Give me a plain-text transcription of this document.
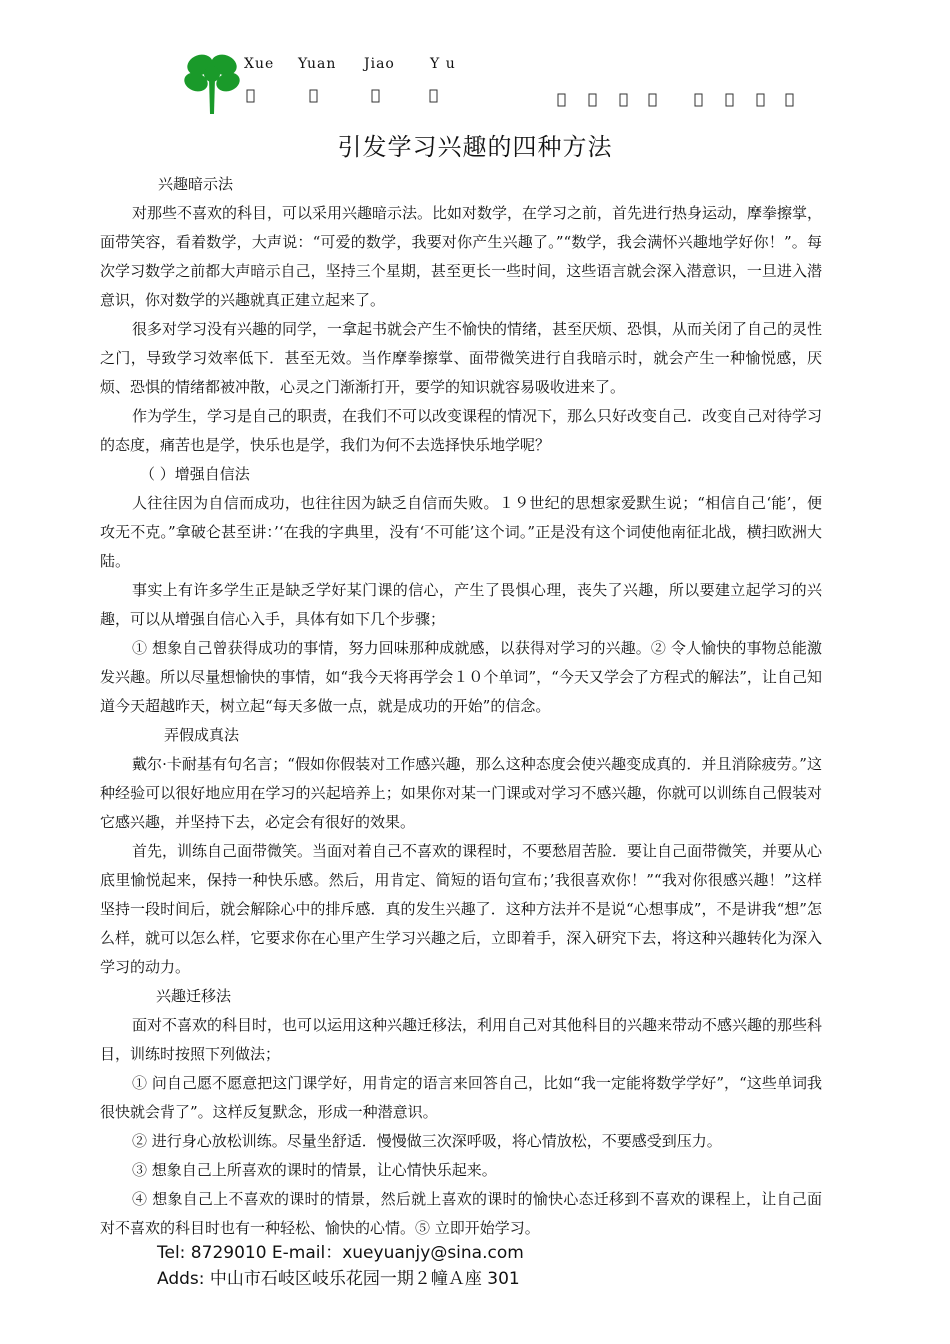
Xue Yuan Jiao	Y u
引发学习兴趣的四种方法

兴趣暗示法

对那些不喜欢的科目，可以采用兴趣暗示法。比如对数学，在学习之前，首先进行热身运动，摩拳擦掌，面带笑容，看着数学，大声说：“可爱的数学，我要对你产生兴趣了。”“数学，我会满怀兴趣地学好你！”。每次学习数学之前都大声暗示自己，坚持三个星期，甚至更长一些时间，这些语言就会深入潜意识，一旦进入潜意识，你对数学的兴趣就真正建立起来了。

很多对学习没有兴趣的同学，一拿起书就会产生不愉快的情绪，甚至厌烦、恐惧，从而关闭了自己的灵性之门，导致学习效率低下．甚至无效。当作摩拳擦掌、面带微笑进行自我暗示时，就会产生一种愉悦感，厌烦、恐惧的情绪都被冲散，心灵之门渐渐打开，要学的知识就容易吸收进来了。

作为学生，学习是自己的职责，在我们不可以改变课程的情况下，那么只好改变自己．改变自己对待学习的态度，痛苦也是学，快乐也是学，我们为何不去选择快乐地学呢？

（ ）增强自信法

人往往因为自信而成功，也往往因为缺乏自信而失败。１９世纪的思想家爱默生说；“相信自己‘能’，便攻无不克。”拿破仑甚至讲：’‘在我的字典里，没有‘不可能’这个词。”正是没有这个词使他南征北战，横扫欧洲大陆。

事实上有许多学生正是缺乏学好某门课的信心，产生了畏惧心理，丧失了兴趣，所以要建立起学习的兴趣，可以从增强自信心入手，具体有如下几个步骤；

① 想象自己曾获得成功的事情，努力回味那种成就感，以获得对学习的兴趣。② 令人愉快的事物总能激发兴趣。所以尽量想愉快的事情，如“我今天将再学会１０个单词”，“今天又学会了方程式的解法”，让自己知道今天超越昨天，树立起“每天多做一点，就是成功的开始”的信念。

弄假成真法

戴尔·卡耐基有句名言；“假如你假装对工作感兴趣，那么这种态度会使兴趣变成真的．并且消除疲劳。”这种经验可以很好地应用在学习的兴起培养上；如果你对某一门课或对学习不感兴趣，你就可以训练自己假装对它感兴趣，并坚持下去，必定会有很好的效果。

首先，训练自己面带微笑。当面对着自己不喜欢的课程时，不要愁眉苦脸．要让自己面带微笑，并要从心底里愉悦起来，保持一种快乐感。然后，用肯定、简短的语句宣布；’我很喜欢你！”“我对你很感兴趣！”这样坚持一段时间后，就会解除心中的排斥感．真的发生兴趣了．这种方法并不是说“心想事成”，不是讲我“想”怎么样，就可以怎么样，它要求你在心里产生学习兴趣之后，立即着手，深入研究下去，将这种兴趣转化为深入学习的动力。

兴趣迁移法

面对不喜欢的科目时，也可以运用这种兴趣迁移法，利用自己对其他科目的兴趣来带动不感兴趣的那些科目，训练时按照下列做法；

① 问自己愿不愿意把这门课学好，用肯定的语言来回答自己，比如“我一定能将数学学好”，“这些单词我很快就会背了”。这样反复默念，形成一种潜意识。

② 进行身心放松训练。尽量坐舒适．慢慢做三次深呼吸，将心情放松，不要感受到压力。

③ 想象自己上所喜欢的课时的情景，让心情快乐起来。

④ 想象自己上不喜欢的课时的情景，然后就上喜欢的课时的愉快心态迁移到不喜欢的课程上，让自己面对不喜欢的科目时也有一种轻松、愉快的心情。⑤ 立即开始学习。

Tel: 8729010 E-mail：xueyuanjy@sina.com
Adds: 中山市石岐区岐乐花园一期２幢Ａ座 301
